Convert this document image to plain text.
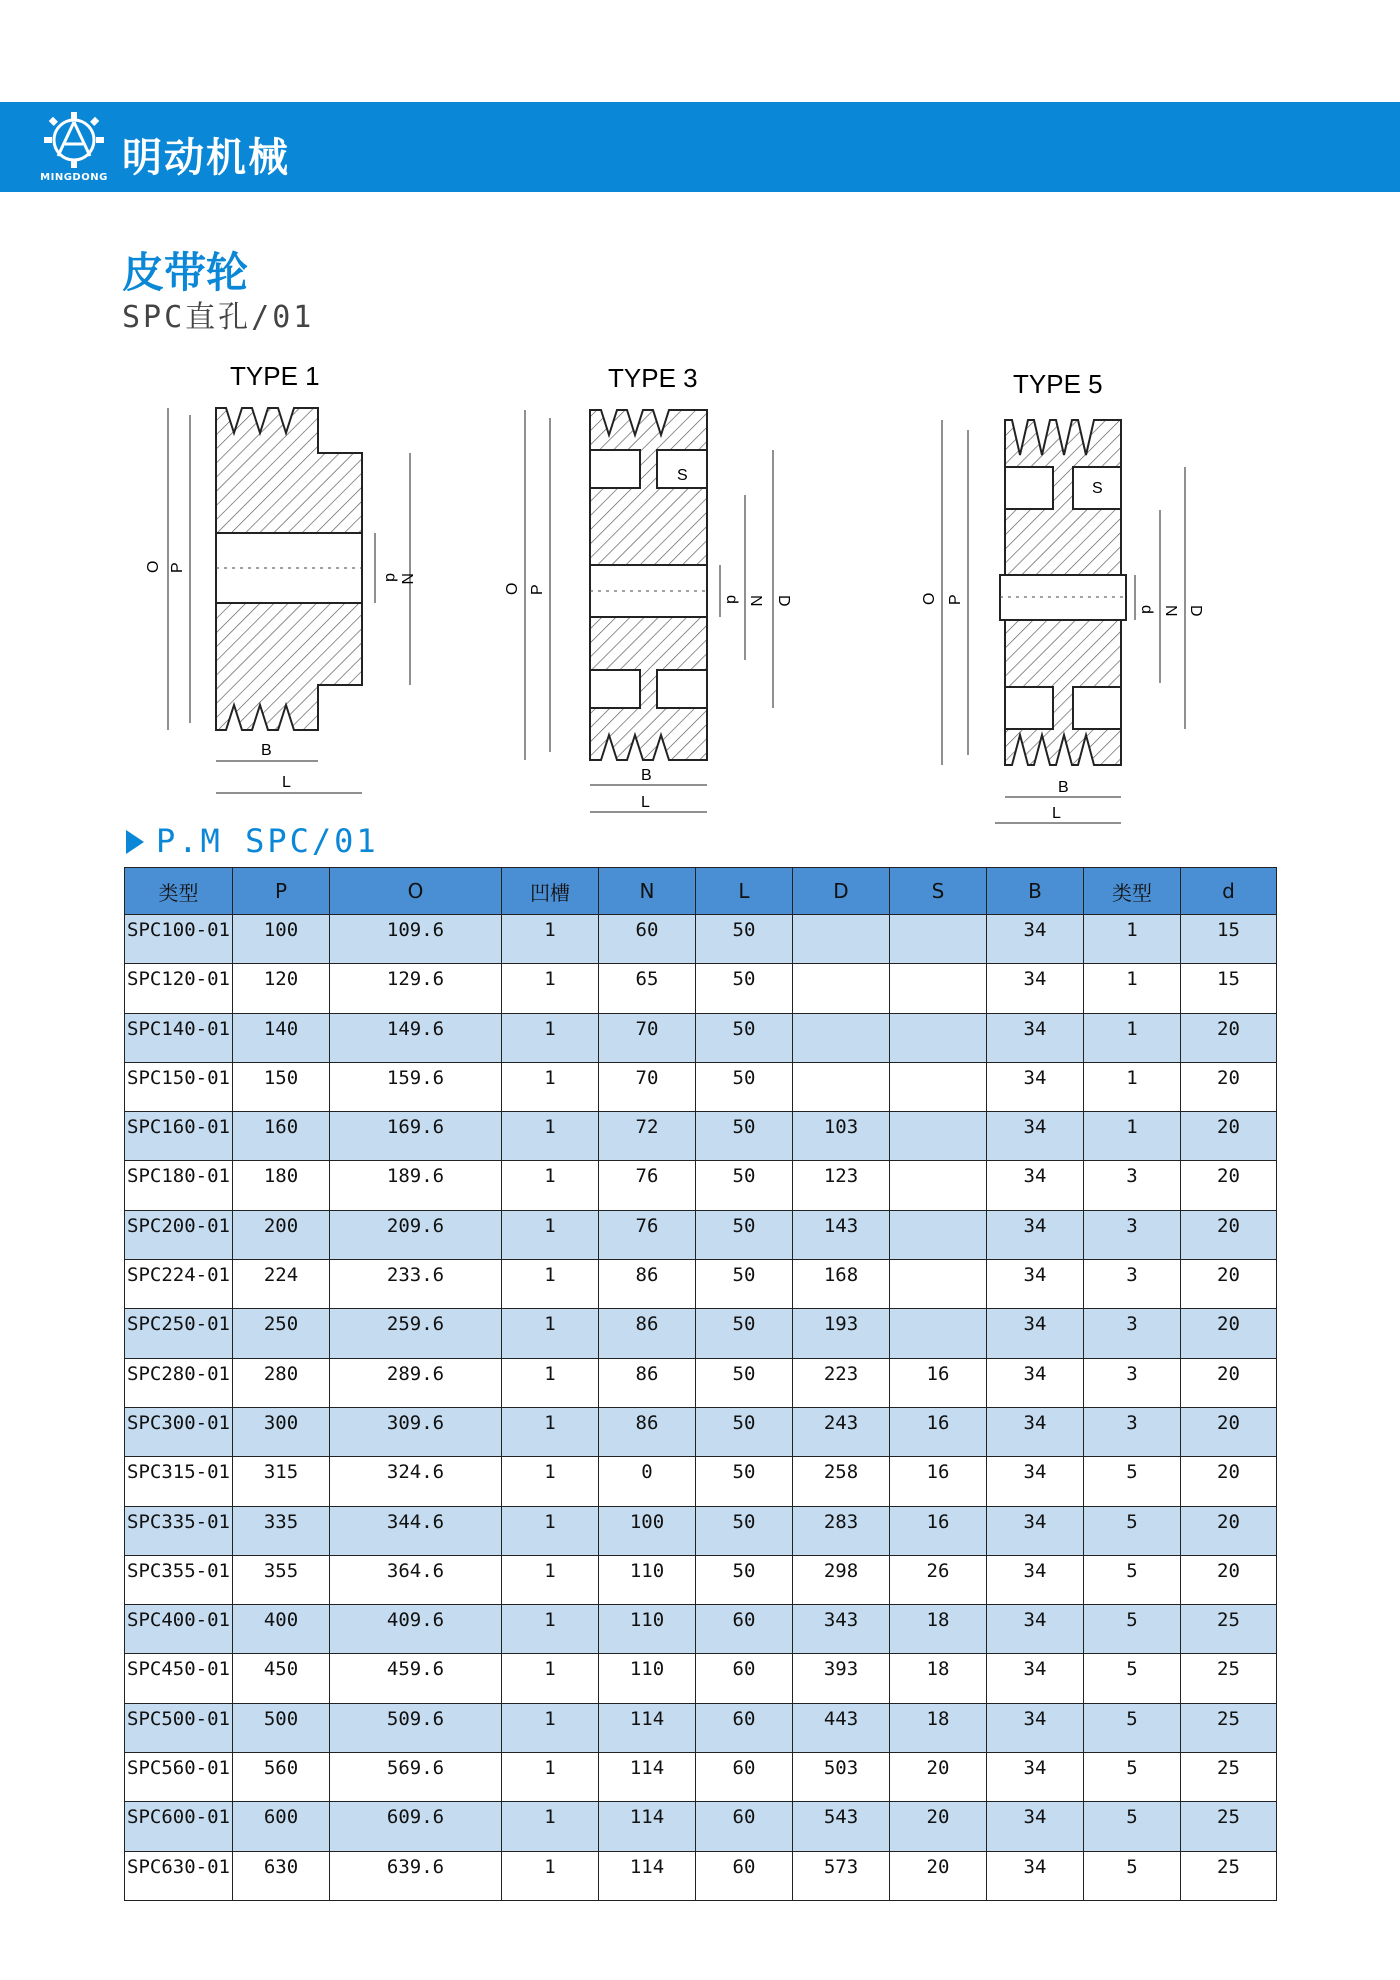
MINGDONG 明动机械
皮带轮
SPC直孔/01
TYPE 1
O P
d N
B
L
TYPE 3
S
O P
d N D
B
L
TYPE 5
S
O P
d N D
B
L
P.M SPC/01
类型	P	O	凹槽	N	L	D	S	B	类型	d
SPC100-01	100	109.6	1	60	50			34	1	15
SPC120-01	120	129.6	1	65	50			34	1	15
SPC140-01	140	149.6	1	70	50			34	1	20
SPC150-01	150	159.6	1	70	50			34	1	20
SPC160-01	160	169.6	1	72	50	103		34	1	20
SPC180-01	180	189.6	1	76	50	123		34	3	20
SPC200-01	200	209.6	1	76	50	143		34	3	20
SPC224-01	224	233.6	1	86	50	168		34	3	20
SPC250-01	250	259.6	1	86	50	193		34	3	20
SPC280-01	280	289.6	1	86	50	223	16	34	3	20
SPC300-01	300	309.6	1	86	50	243	16	34	3	20
SPC315-01	315	324.6	1	0	50	258	16	34	5	20
SPC335-01	335	344.6	1	100	50	283	16	34	5	20
SPC355-01	355	364.6	1	110	50	298	26	34	5	20
SPC400-01	400	409.6	1	110	60	343	18	34	5	25
SPC450-01	450	459.6	1	110	60	393	18	34	5	25
SPC500-01	500	509.6	1	114	60	443	18	34	5	25
SPC560-01	560	569.6	1	114	60	503	20	34	5	25
SPC600-01	600	609.6	1	114	60	543	20	34	5	25
SPC630-01	630	639.6	1	114	60	573	20	34	5	25
